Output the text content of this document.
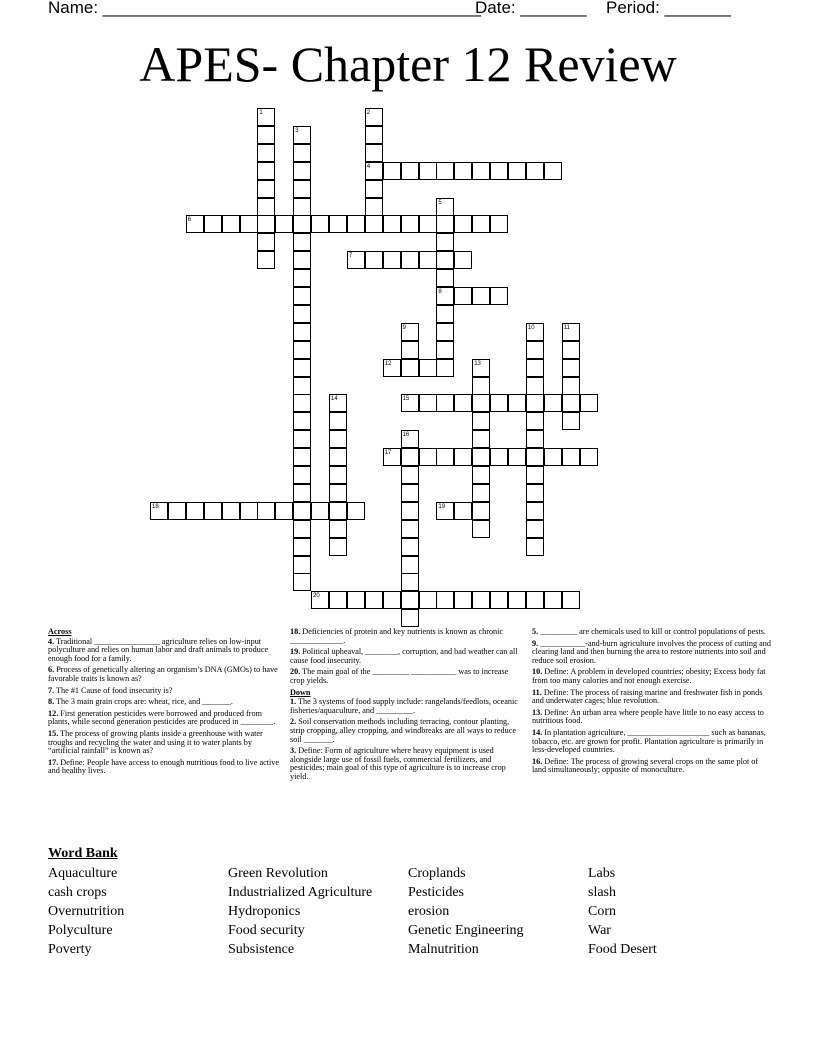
Name: ________________________________________
Date: _______ Period: _______
APES- Chapter 12 Review
1	2
3
4
5
6
7
8
9	10	11
12	13
14	15
16
17
18	19
20
Across
4. Traditional ________________ agriculture relies on low-input polyculture and relies on human labor and draft animals to produce enough food for a family.
6. Process of genetically altering an organism’s DNA (GMOs) to have favorable traits is known as?
7. The #1 Cause of food insecurity is?
8. The 3 main grain crops are: wheat, rice, and _______.
12. First generation pesticides were borrowed and produced from plants, while second generation pesticides are produced in ________.
15. The process of growing plants inside a greenhouse with water troughs and recycling the water and using it to water plants by “artificial rainfall” is known as?
17. Define: People have access to enough nutritious food to live active and healthy lives.
18. Deficiencies of protein and key nutrients is known as chronic _____________.
19. Political upheaval, ________, corruption, and bad weather can all cause food insecurity.
20. The main goal of the _________ ___________ was to increase crop yields.
Down
1. The 3 systems of food supply include: rangelands/feedlots, oceanic fisheries/aquaculture, and _________.
2. Soil conservation methods including terracing, contour planting, strip cropping, alley cropping, and windbreaks are all ways to reduce soil _______.
3. Define: Form of agriculture where heavy equipment is used alongside large use of fossil fuels, commercial fertilizers, and pesticides; main goal of this type of agriculture is to increase crop yield.
5. _________ are chemicals used to kill or control populations of pests.
9. ___________-and-burn agriculture involves the process of cutting and clearing land and then burning the area to restore nutrients into soil and reduce soil erosion.
10. Define: A problem in developed countries; obesity; Excess body fat from too many calories and not enough exercise.
11. Define: The process of raising marine and freshwater fish in ponds and underwater cages; blue revolution.
13. Define: An urban area where people have little to no easy access to nutritious food.
14. In plantation agriculture, ____________________ such as bananas, tobacco, etc. are grown for profit. Plantation agriculture is primarily in less-developed countries.
16. Define: The process of growing several crops on the same plot of land simultaneously; opposite of monoculture.
Word Bank
Aquaculture
cash crops
Overnutrition
Polyculture
Poverty
Green Revolution
Industrialized Agriculture
Hydroponics
Food security
Subsistence
Croplands
Pesticides
erosion
Genetic Engineering
Malnutrition
Labs
slash
Corn
War
Food Desert
